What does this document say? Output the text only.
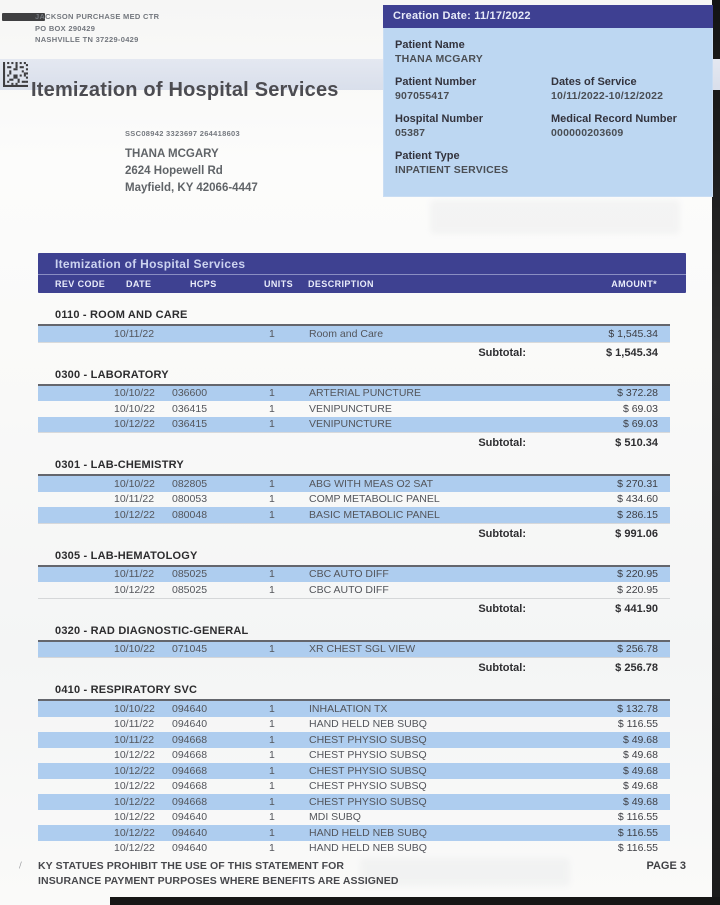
∕
JACKSON PURCHASE MED CTR
PO BOX 290429
NASHVILLE TN 37229-0429
Itemization of Hospital Services
Creation Date: 11/17/2022
Patient Name
THANA MCGARY
Patient Number
907055417
Dates of Service
10/11/2022-10/12/2022
Hospital Number
05387
Medical Record Number
000000203609
Patient Type
INPATIENT SERVICES
SSC08942 3323697 264418603
THANA MCGARY
2624 Hopewell Rd
Mayfield, KY 42066-4447
Itemization of Hospital Services
REV CODE	DATE	HCPS	UNITS	DESCRIPTION	AMOUNT*
0110 - ROOM AND CARE
10/11/22	1	Room and Care	$ 1,545.34
Subtotal:	$ 1,545.34
0300 - LABORATORY
10/10/22	036600	1	ARTERIAL PUNCTURE	$ 372.28
10/10/22	036415	1	VENIPUNCTURE	$ 69.03
10/12/22	036415	1	VENIPUNCTURE	$ 69.03
Subtotal:	$ 510.34
0301 - LAB-CHEMISTRY
10/10/22	082805	1	ABG WITH MEAS O2 SAT	$ 270.31
10/11/22	080053	1	COMP METABOLIC PANEL	$ 434.60
10/12/22	080048	1	BASIC METABOLIC PANEL	$ 286.15
Subtotal:	$ 991.06
0305 - LAB-HEMATOLOGY
10/11/22	085025	1	CBC AUTO DIFF	$ 220.95
10/12/22	085025	1	CBC AUTO DIFF	$ 220.95
Subtotal:	$ 441.90
0320 - RAD DIAGNOSTIC-GENERAL
10/10/22	071045	1	XR CHEST SGL VIEW	$ 256.78
Subtotal:	$ 256.78
0410 - RESPIRATORY SVC
10/10/22	094640	1	INHALATION TX	$ 132.78
10/11/22	094640	1	HAND HELD NEB SUBQ	$ 116.55
10/11/22	094668	1	CHEST PHYSIO SUBSQ	$ 49.68
10/12/22	094668	1	CHEST PHYSIO SUBSQ	$ 49.68
10/12/22	094668	1	CHEST PHYSIO SUBSQ	$ 49.68
10/12/22	094668	1	CHEST PHYSIO SUBSQ	$ 49.68
10/12/22	094668	1	CHEST PHYSIO SUBSQ	$ 49.68
10/12/22	094640	1	MDI SUBQ	$ 116.55
10/12/22	094640	1	HAND HELD NEB SUBQ	$ 116.55
10/12/22	094640	1	HAND HELD NEB SUBQ	$ 116.55
KY STATUES PROHIBIT THE USE OF THIS STATEMENT FOR
INSURANCE PAYMENT PURPOSES WHERE BENEFITS ARE ASSIGNED
PAGE 3
